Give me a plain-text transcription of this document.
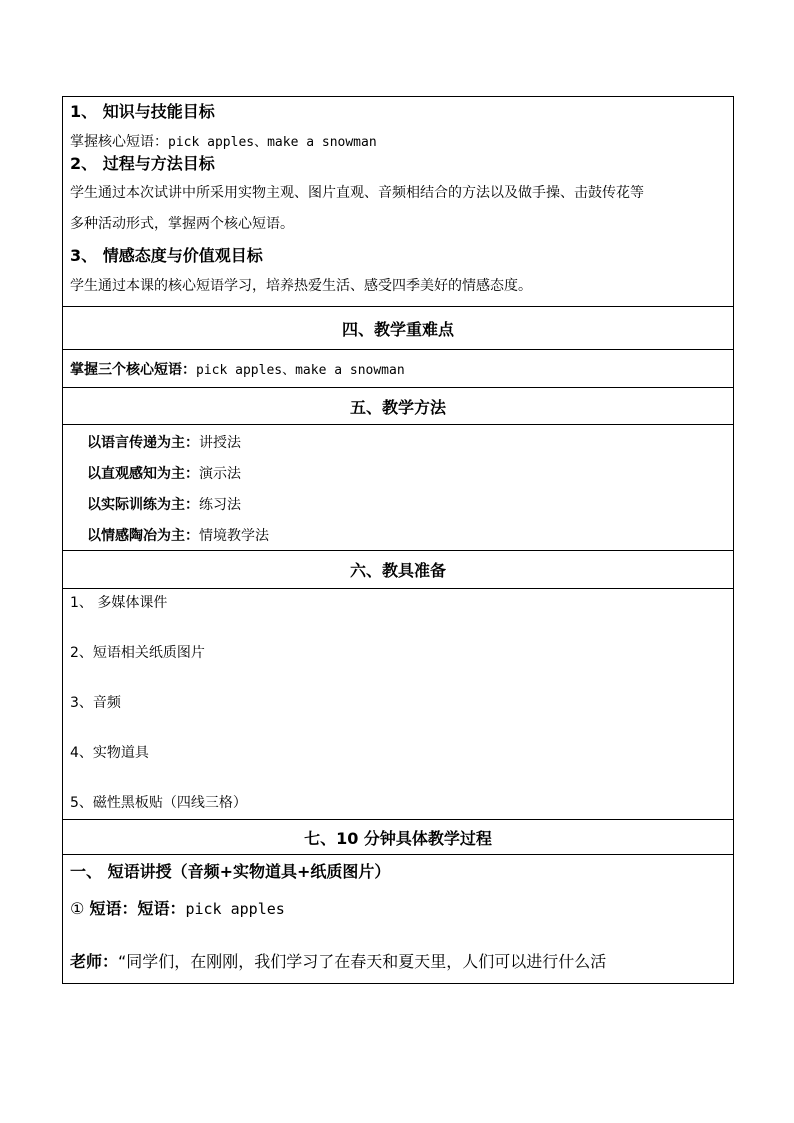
1、 知识与技能目标
掌握核心短语：pick apples、make a snowman
2、 过程与方法目标
学生通过本次试讲中所采用实物主观、图片直观、音频相结合的方法以及做手操、击鼓传花等
多种活动形式，掌握两个核心短语。
3、 情感态度与价值观目标
学生通过本课的核心短语学习，培养热爱生活、感受四季美好的情感态度。
四、教学重难点
掌握三个核心短语：pick apples、make a snowman
五、教学方法
以语言传递为主：讲授法
以直观感知为主：演示法
以实际训练为主：练习法
以情感陶冶为主：情境教学法
六、教具准备
1、 多媒体课件
2、短语相关纸质图片
3、音频
4、实物道具
5、磁性黑板贴（四线三格）
七、10 分钟具体教学过程
一、 短语讲授（音频+实物道具+纸质图片）
① 短语：短语：pick apples
老师：“同学们，在刚刚，我们学习了在春天和夏天里，人们可以进行什么活
